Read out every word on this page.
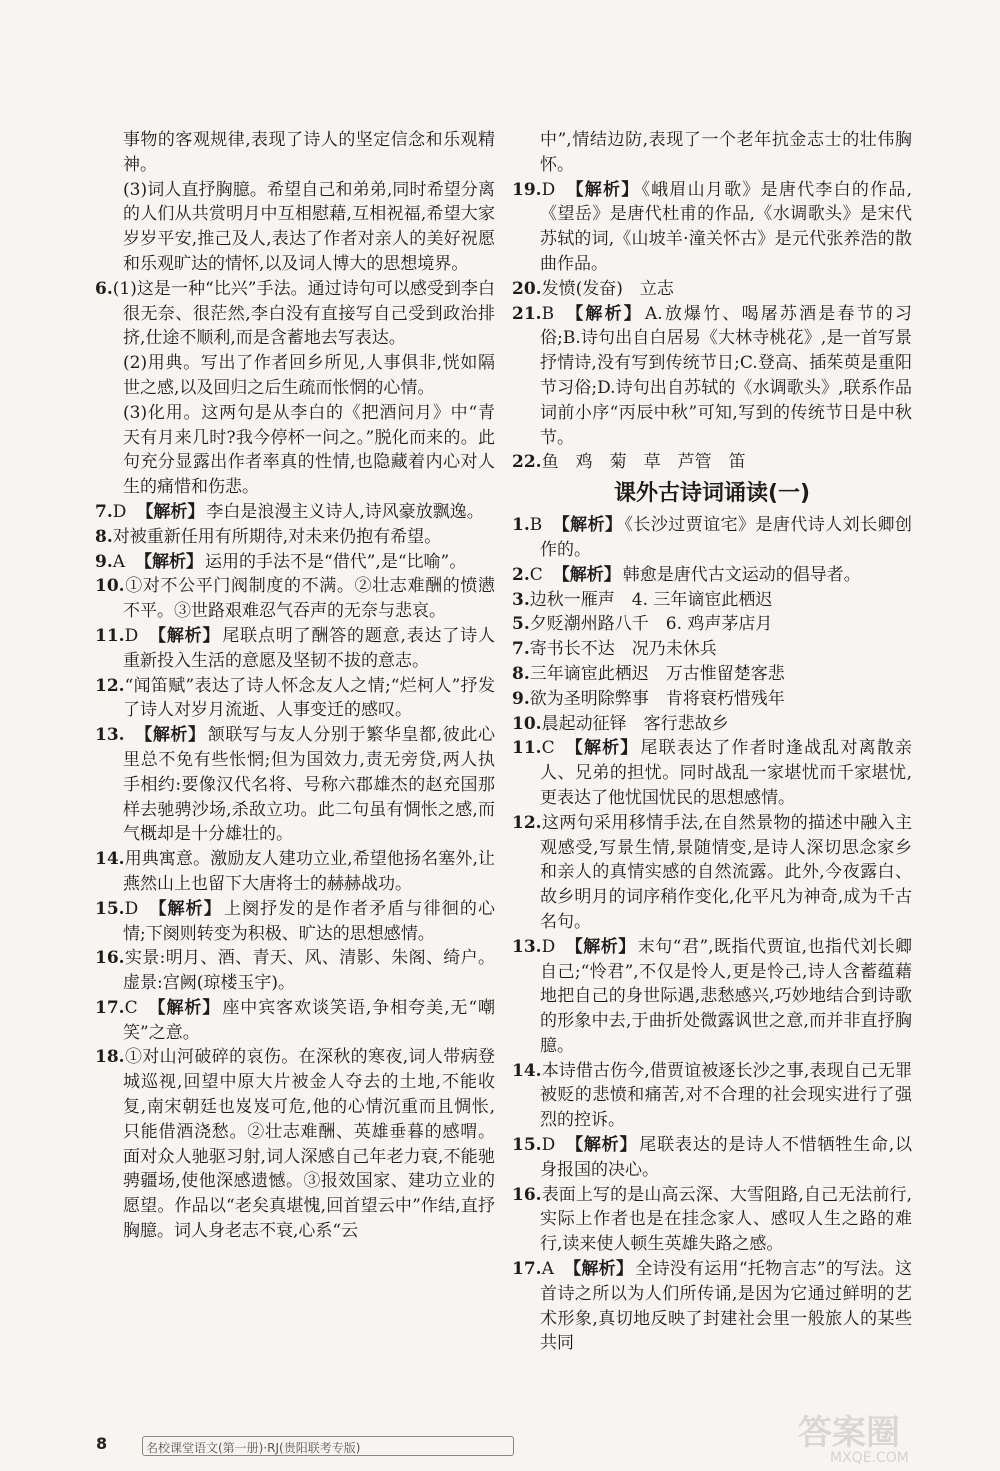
事物的客观规律,表现了诗人的坚定信念和乐观精神。

(3)词人直抒胸臆。希望自己和弟弟,同时希望分离的人们从共赏明月中互相慰藉,互相祝福,希望大家岁岁平安,推己及人,表达了作者对亲人的美好祝愿和乐观旷达的情怀,以及词人博大的思想境界。

6.(1)这是一种“比兴”手法。通过诗句可以感受到李白很无奈、很茫然,李白没有直接写自己受到政治排挤,仕途不顺利,而是含蓄地去写表达。

(2)用典。写出了作者回乡所见,人事俱非,恍如隔世之感,以及回归之后生疏而怅惘的心情。

(3)化用。这两句是从李白的《把酒问月》中“青天有月来几时?我今停杯一问之。”脱化而来的。此句充分显露出作者率真的性情,也隐藏着内心对人生的痛惜和伤悲。

7.D 【解析】 李白是浪漫主义诗人,诗风豪放飘逸。

8.对被重新任用有所期待,对未来仍抱有希望。

9.A 【解析】 运用的手法不是“借代”,是“比喻”。

10.①对不公平门阀制度的不满。②壮志难酬的愤懑不平。③世路艰难忍气吞声的无奈与悲哀。

11.D 【解析】 尾联点明了酬答的题意,表达了诗人重新投入生活的意愿及坚韧不拔的意志。

12.“闻笛赋”表达了诗人怀念友人之情;“烂柯人”抒发了诗人对岁月流逝、人事变迁的感叹。

13. 【解析】 颔联写与友人分别于繁华皇都,彼此心里总不免有些怅惘;但为国效力,责无旁贷,两人执手相约:要像汉代名将、号称六郡雄杰的赵充国那样去驰骋沙场,杀敌立功。此二句虽有惆怅之感,而气概却是十分雄壮的。

14.用典寓意。激励友人建功立业,希望他扬名塞外,让燕然山上也留下大唐将士的赫赫战功。

15.D 【解析】 上阕抒发的是作者矛盾与徘徊的心情;下阕则转变为积极、旷达的思想感情。

16.实景:明月、酒、青天、风、清影、朱阁、绮户。虚景:宫阙(琼楼玉宇)。

17.C 【解析】 座中宾客欢谈笑语,争相夸美,无“嘲笑”之意。

18.①对山河破碎的哀伤。在深秋的寒夜,词人带病登城巡视,回望中原大片被金人夺去的土地,不能收复,南宋朝廷也岌岌可危,他的心情沉重而且惆怅,只能借酒浇愁。②壮志难酬、英雄垂暮的感喟。面对众人驰驱习射,词人深感自己年老力衰,不能驰骋疆场,使他深感遗憾。③报效国家、建功立业的愿望。作品以“老矣真堪愧,回首望云中”作结,直抒胸臆。词人身老志不衰,心系“云

中”,情结边防,表现了一个老年抗金志士的壮伟胸怀。

19.D 【解析】 《峨眉山月歌》是唐代李白的作品,《望岳》是唐代杜甫的作品,《水调歌头》是宋代苏轼的词,《山坡羊·潼关怀古》是元代张养浩的散曲作品。

20.发愤(发奋)　立志

21.B 【解析】 A.放爆竹、喝屠苏酒是春节的习俗;B.诗句出自白居易《大林寺桃花》,是一首写景抒情诗,没有写到传统节日;C.登高、插茱萸是重阳节习俗;D.诗句出自苏轼的《水调歌头》,联系作品词前小序“丙辰中秋”可知,写到的传统节日是中秋节。

22.鱼　鸡　菊　草　芦管　笛

课外古诗词诵读(一)

1.B 【解析】 《长沙过贾谊宅》是唐代诗人刘长卿创作的。

2.C 【解析】 韩愈是唐代古文运动的倡导者。

3.边秋一雁声　4. 三年谪宦此栖迟

5.夕贬潮州路八千　6. 鸡声茅店月

7.寄书长不达　况乃未休兵

8.三年谪宦此栖迟　万古惟留楚客悲

9.欲为圣明除弊事　肯将衰朽惜残年

10.晨起动征铎　客行悲故乡

11.C 【解析】 尾联表达了作者时逢战乱对离散亲人、兄弟的担忧。同时战乱一家堪忧而千家堪忧,更表达了他忧国忧民的思想感情。

12.这两句采用移情手法,在自然景物的描述中融入主观感受,写景生情,景随情变,是诗人深切思念家乡和亲人的真情实感的自然流露。此外,今夜露白、故乡明月的词序稍作变化,化平凡为神奇,成为千古名句。

13.D 【解析】 末句“君”,既指代贾谊,也指代刘长卿自己;“怜君”,不仅是怜人,更是怜己,诗人含蓄蕴藉地把自己的身世际遇,悲愁感兴,巧妙地结合到诗歌的形象中去,于曲折处微露讽世之意,而并非直抒胸臆。

14.本诗借古伤今,借贾谊被逐长沙之事,表现自己无罪被贬的悲愤和痛苦,对不合理的社会现实进行了强烈的控诉。

15.D 【解析】 尾联表达的是诗人不惜牺牲生命,以身报国的决心。

16.表面上写的是山高云深、大雪阻路,自己无法前行,实际上作者也是在挂念家人、感叹人生之路的难行,读来使人顿生英雄失路之感。

17.A 【解析】 全诗没有运用“托物言志”的写法。这首诗之所以为人们所传诵,是因为它通过鲜明的艺术形象,真切地反映了封建社会里一般旅人的某些共同

8	名校课堂语文(第一册)·RJ(贵阳联考专版)	答案圈
MXQE.COM
